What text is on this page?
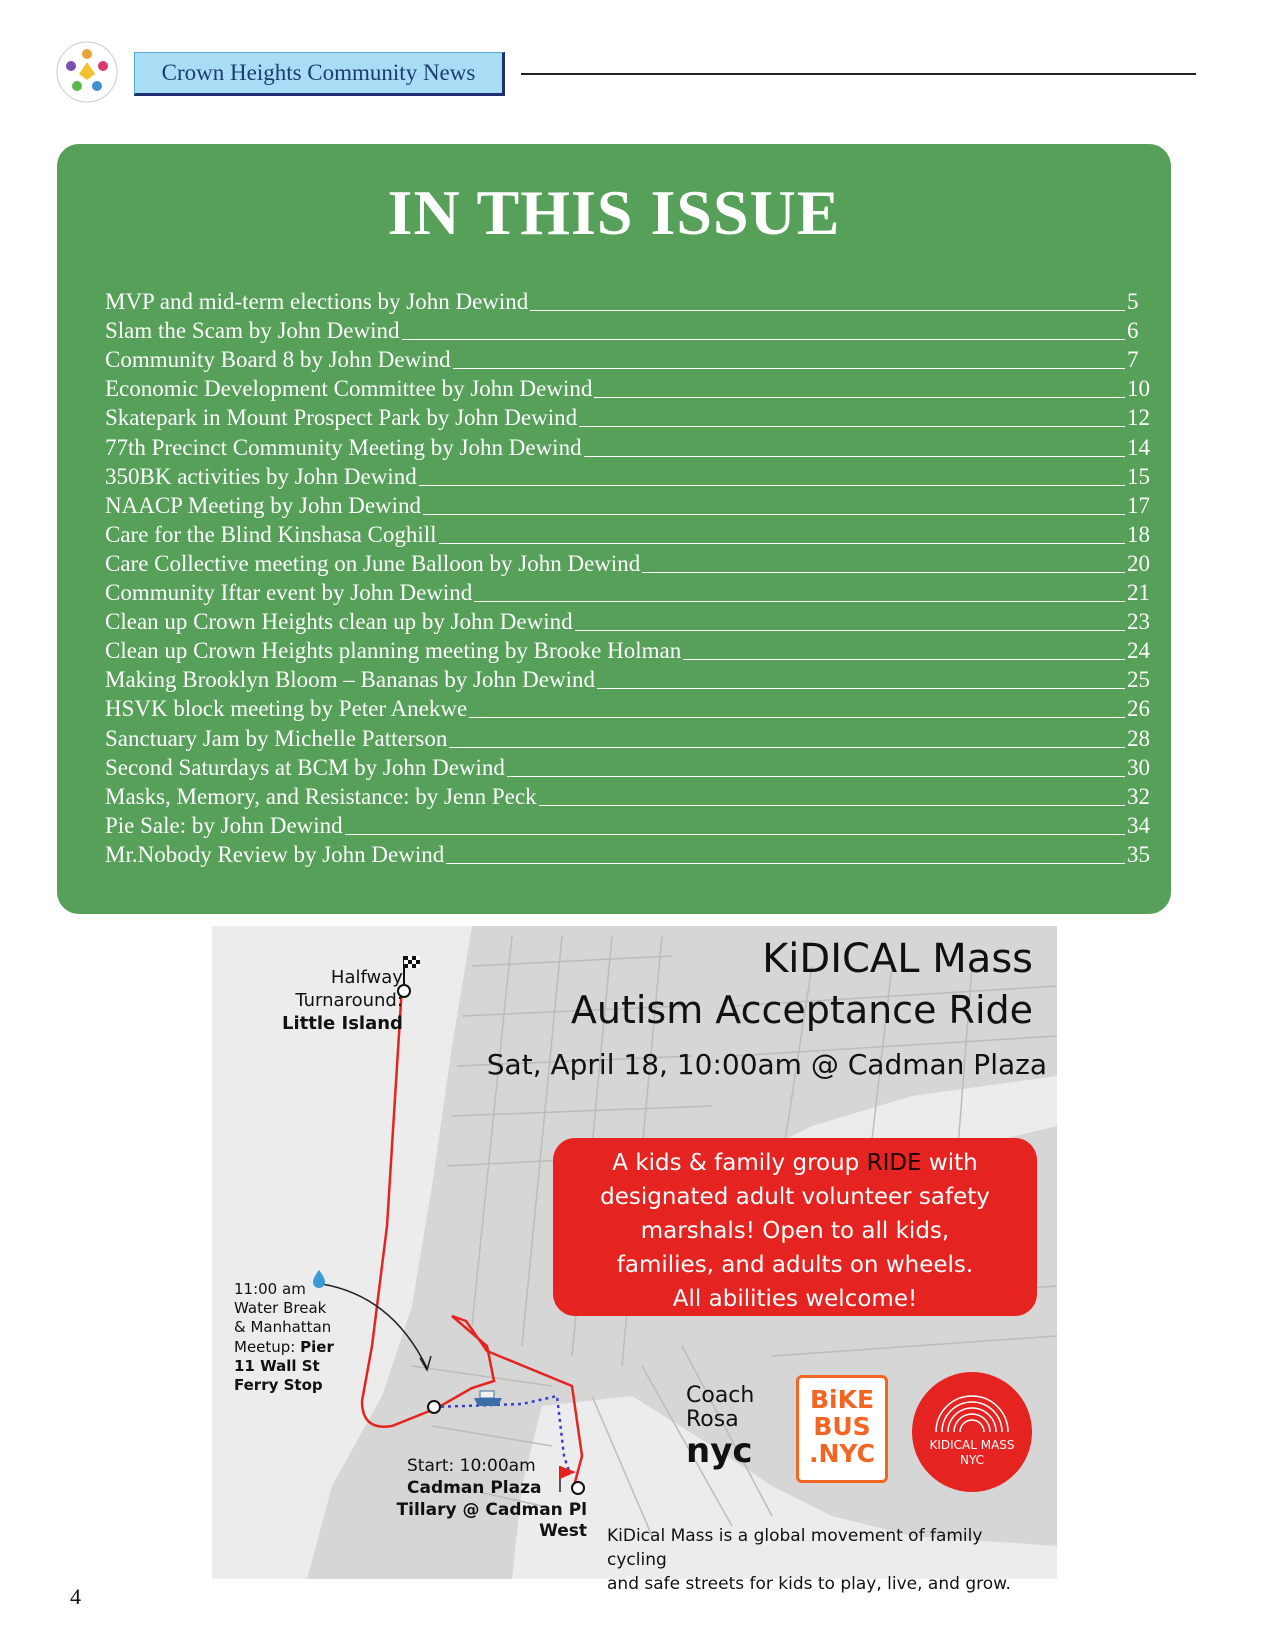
Crown Heights Community News
IN THIS ISSUE
MVP and mid-term elections by John Dewind	5
Slam the Scam by John Dewind	6
Community Board 8 by John Dewind	7
Economic Development Committee by John Dewind	10
Skatepark in Mount Prospect Park by John Dewind	12
77th Precinct Community Meeting by John Dewind	14
350BK activities by John Dewind	15
NAACP Meeting by John Dewind	17
Care for the Blind Kinshasa Coghill	18
Care Collective meeting on June Balloon by John Dewind	20
Community Iftar event by John Dewind	21
Clean up Crown Heights clean up by John Dewind	23
Clean up Crown Heights planning meeting by Brooke Holman	24
Making Brooklyn Bloom – Bananas by John Dewind	25
HSVK block meeting by Peter Anekwe	26
Sanctuary Jam by Michelle Patterson	28
Second Saturdays at BCM by John Dewind	30
Masks, Memory, and Resistance: by Jenn Peck	32
Pie Sale: by John Dewind	34
Mr.Nobody Review by John Dewind	35
KiDICAL Mass
Autism Acceptance Ride
Sat, April 18, 10:00am @ Cadman Plaza
A kids & family group RIDE with
designated adult volunteer safety
marshals! Open to all kids,
families, and adults on wheels.
All abilities welcome!
Halfway
Turnaround:
Little Island
11:00 am
Water Break
& Manhattan
Meetup: Pier
11 Wall St
Ferry Stop
Start: 10:00am
Cadman Plaza
Tillary @ Cadman Pl West
Coach
Rosa
nyc
BiKE
BUS
.NYC	KIDICAL MASS
NYC
KiDical Mass is a global movement of family cycling
and safe streets for kids to play, live, and grow.
4
